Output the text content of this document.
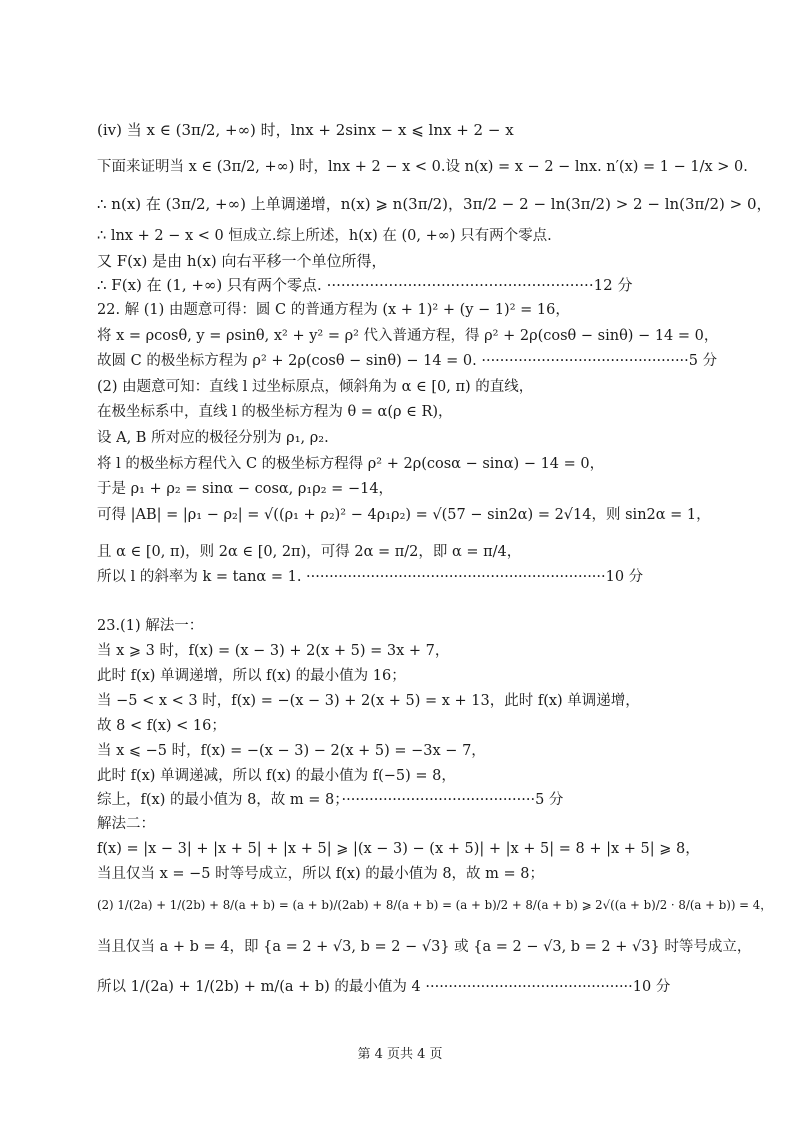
(iv) 当 x ∈ (3π/2, +∞) 时，lnx + 2sinx − x ⩽ lnx + 2 − x
下面来证明当 x ∈ (3π/2, +∞) 时，lnx + 2 − x < 0.设 n(x) = x − 2 − lnx. n′(x) = 1 − 1/x > 0.
∴ n(x) 在 (3π/2, +∞) 上单调递增，n(x) ⩾ n(3π/2)，3π/2 − 2 − ln(3π/2) > 2 − ln(3π/2) > 0，
∴ lnx + 2 − x < 0 恒成立.综上所述，h(x) 在 (0, +∞) 只有两个零点.
又 F(x) 是由 h(x) 向右平移一个单位所得，
∴ F(x) 在 (1, +∞) 只有两个零点. ························································12 分
22. 解 (1) 由题意可得：圆 C 的普通方程为 (x + 1)² + (y − 1)² = 16，
将 x = ρcosθ, y = ρsinθ, x² + y² = ρ² 代入普通方程，得 ρ² + 2ρ(cosθ − sinθ) − 14 = 0，
故圆 C 的极坐标方程为 ρ² + 2ρ(cosθ − sinθ) − 14 = 0. ·············································5 分
(2) 由题意可知：直线 l 过坐标原点，倾斜角为 α ∈ [0, π) 的直线，
在极坐标系中，直线 l 的极坐标方程为 θ = α(ρ ∈ R)，
设 A, B 所对应的极径分别为 ρ₁, ρ₂.
将 l 的极坐标方程代入 C 的极坐标方程得 ρ² + 2ρ(cosα − sinα) − 14 = 0，
于是 ρ₁ + ρ₂ = sinα − cosα, ρ₁ρ₂ = −14，
可得 |AB| = |ρ₁ − ρ₂| = √((ρ₁ + ρ₂)² − 4ρ₁ρ₂) = √(57 − sin2α) = 2√14，则 sin2α = 1，
且 α ∈ [0, π)，则 2α ∈ [0, 2π)，可得 2α = π/2，即 α = π/4，
所以 l 的斜率为 k = tanα = 1. ·································································10 分
23.(1) 解法一：
当 x ⩾ 3 时，f(x) = (x − 3) + 2(x + 5) = 3x + 7，
此时 f(x) 单调递增，所以 f(x) 的最小值为 16；
当 −5 < x < 3 时，f(x) = −(x − 3) + 2(x + 5) = x + 13，此时 f(x) 单调递增，
故 8 < f(x) < 16；
当 x ⩽ −5 时，f(x) = −(x − 3) − 2(x + 5) = −3x − 7，
此时 f(x) 单调递减，所以 f(x) 的最小值为 f(−5) = 8，
综上，f(x) 的最小值为 8，故 m = 8；··········································5 分
解法二：
f(x) = |x − 3| + |x + 5| + |x + 5| ⩾ |(x − 3) − (x + 5)| + |x + 5| = 8 + |x + 5| ⩾ 8，
当且仅当 x = −5 时等号成立，所以 f(x) 的最小值为 8，故 m = 8；
(2) 1/(2a) + 1/(2b) + 8/(a + b) = (a + b)/(2ab) + 8/(a + b) = (a + b)/2 + 8/(a + b) ⩾ 2√((a + b)/2 · 8/(a + b)) = 4，
当且仅当 a + b = 4，即 {a = 2 + √3, b = 2 − √3} 或 {a = 2 − √3, b = 2 + √3} 时等号成立，
所以 1/(2a) + 1/(2b) + m/(a + b) 的最小值为 4 ·············································10 分
第 4 页共 4 页
